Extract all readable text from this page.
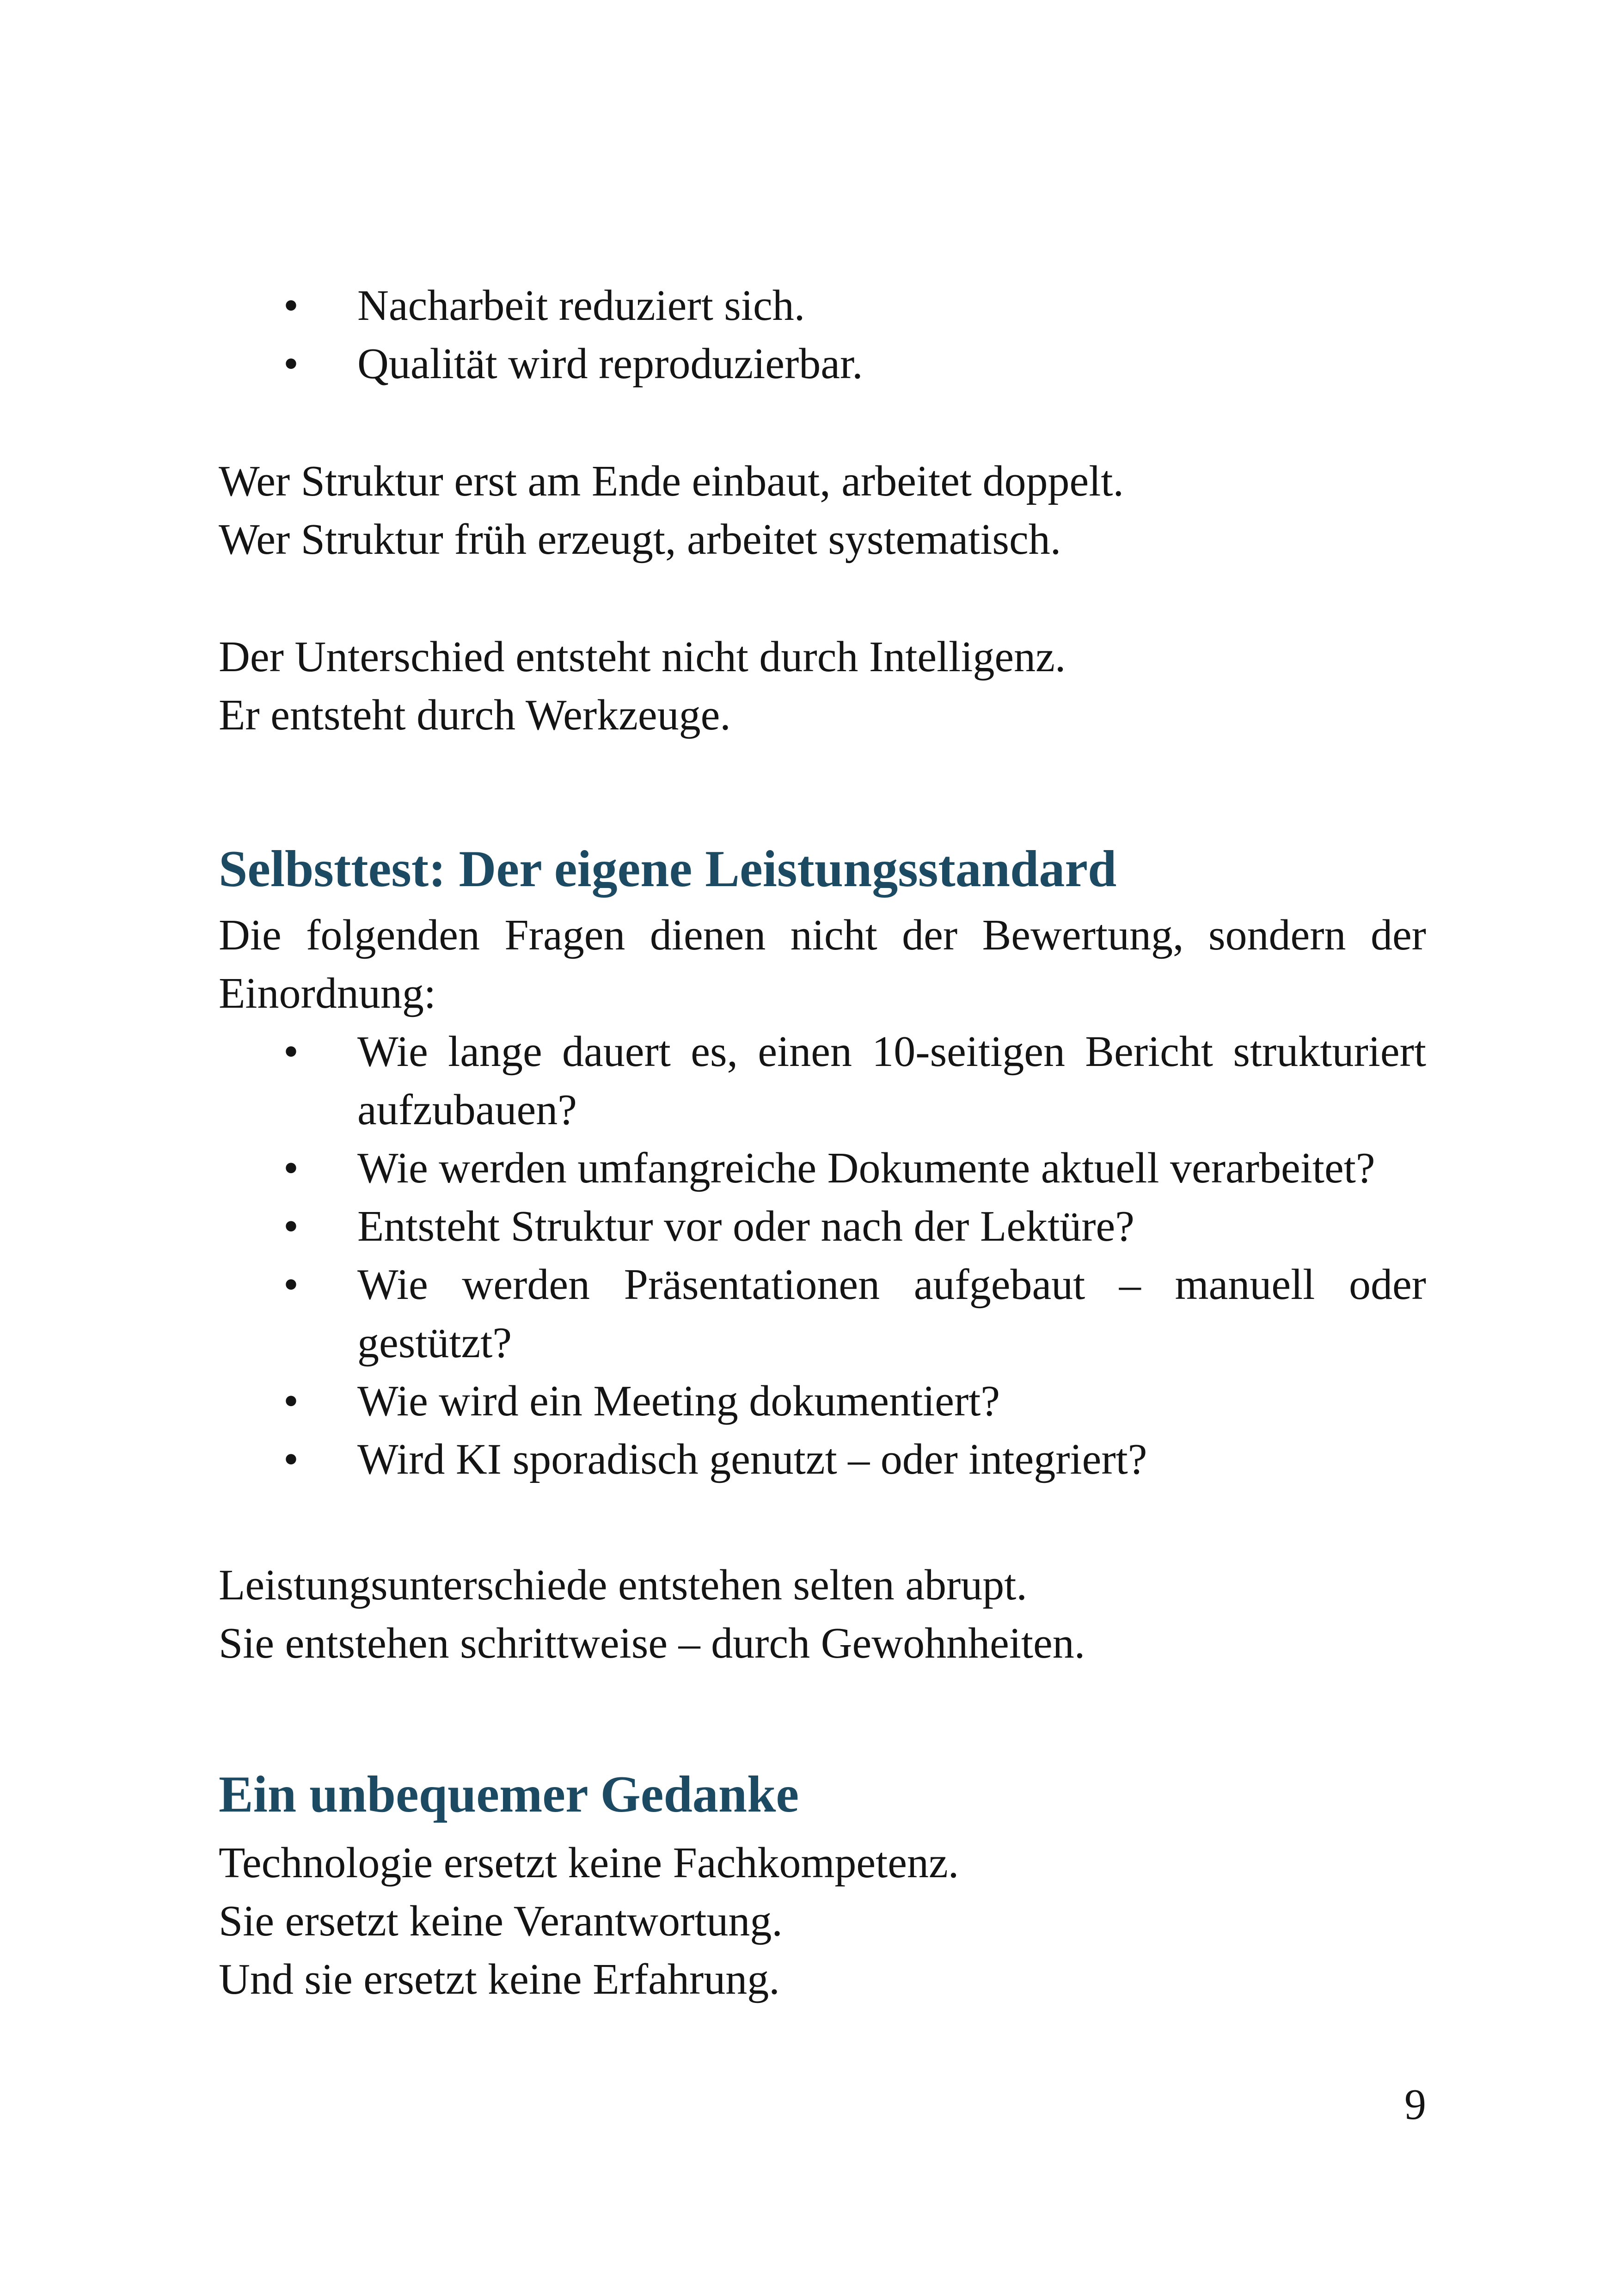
• Nacharbeit reduziert sich.
• Qualität wird reproduzierbar.

Wer Struktur erst am Ende einbaut, arbeitet doppelt.

Wer Struktur früh erzeugt, arbeitet systematisch.

Der Unterschied entsteht nicht durch Intelligenz.

Er entsteht durch Werkzeuge.

Selbsttest: Der eigene Leistungsstandard

Die folgenden Fragen dienen nicht der Bewertung, sondern der Einordnung:

• Wie lange dauert es, einen 10-seitigen Bericht strukturiert aufzubauen?
• Wie werden umfangreiche Dokumente aktuell verarbeitet?
• Entsteht Struktur vor oder nach der Lektüre?
• Wie werden Präsentationen aufgebaut – manuell oder gestützt?
• Wie wird ein Meeting dokumentiert?
• Wird KI sporadisch genutzt – oder integriert?

Leistungsunterschiede entstehen selten abrupt.

Sie entstehen schrittweise – durch Gewohnheiten.

Ein unbequemer Gedanke

Technologie ersetzt keine Fachkompetenz.

Sie ersetzt keine Verantwortung.

Und sie ersetzt keine Erfahrung.

9
